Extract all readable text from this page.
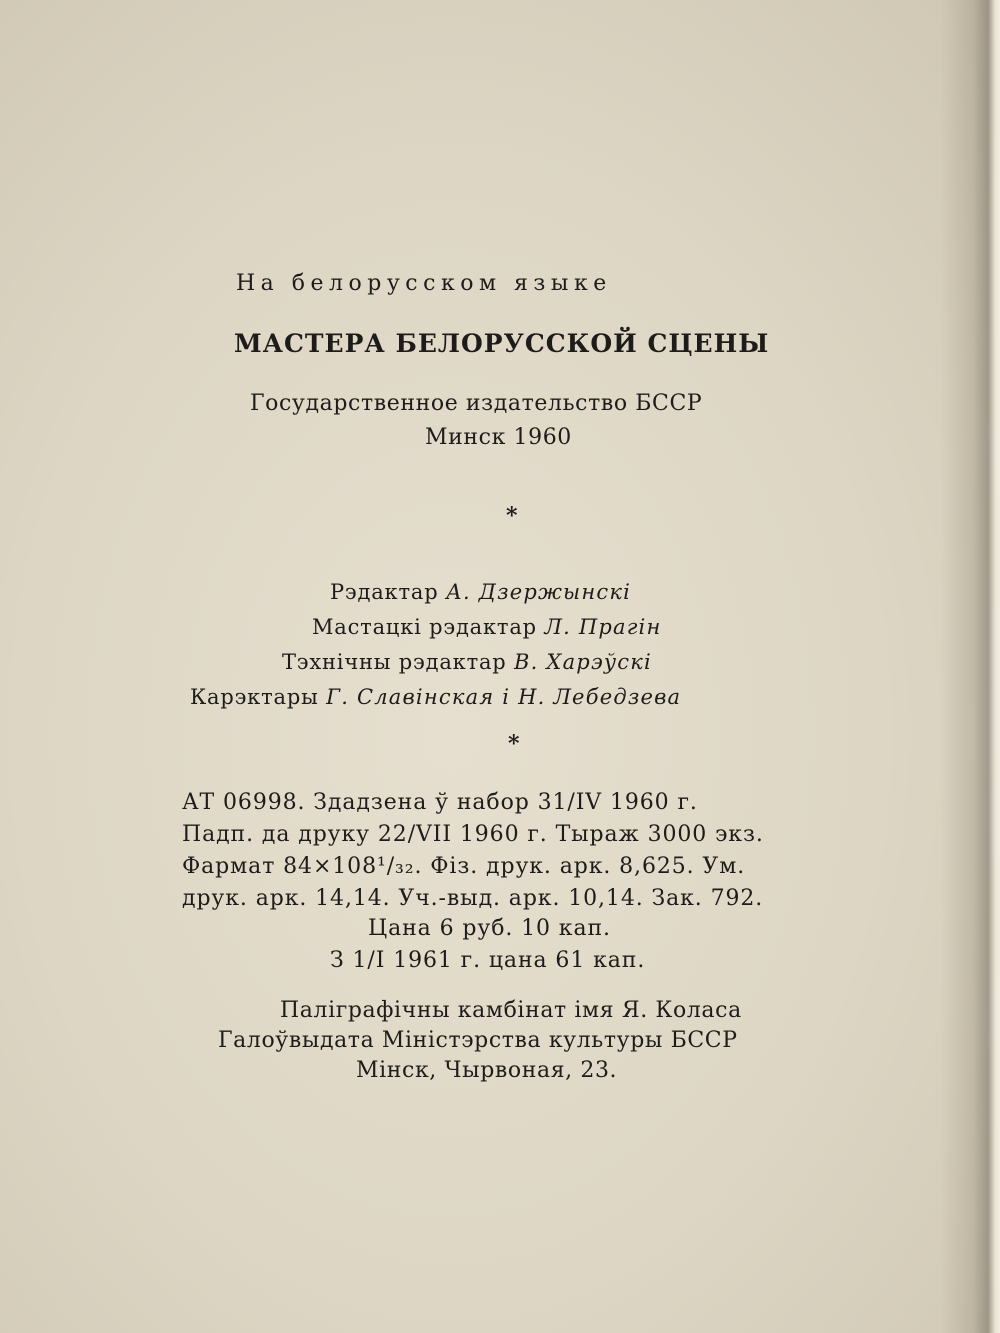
На белорусском языке
МАСТЕРА БЕЛОРУССКОЙ СЦЕНЫ
Государственное издательство БССР
Минск 1960
*
Рэдактар А. Дзержынскі
Мастацкі рэдактар Л. Прагін
Тэхнічны рэдактар В. Харэўскі
Карэктары Г. Славінская і Н. Лебедзева
*
АТ 06998. Здадзена ў набор 31/IV 1960 г.
Падп. да друку 22/VII 1960 г. Тыраж 3000 экз.
Фармат 84×108¹/₃₂. Фіз. друк. арк. 8,625. Ум.
друк. арк. 14,14. Уч.-выд. арк. 10,14. Зак. 792.
Цана 6 руб. 10 кап.
З 1/I 1961 г. цана 61 кап.
Паліграфічны камбінат імя Я. Коласа
Галоўвыдата Міністэрства культуры БССР
Мінск, Чырвоная, 23.
